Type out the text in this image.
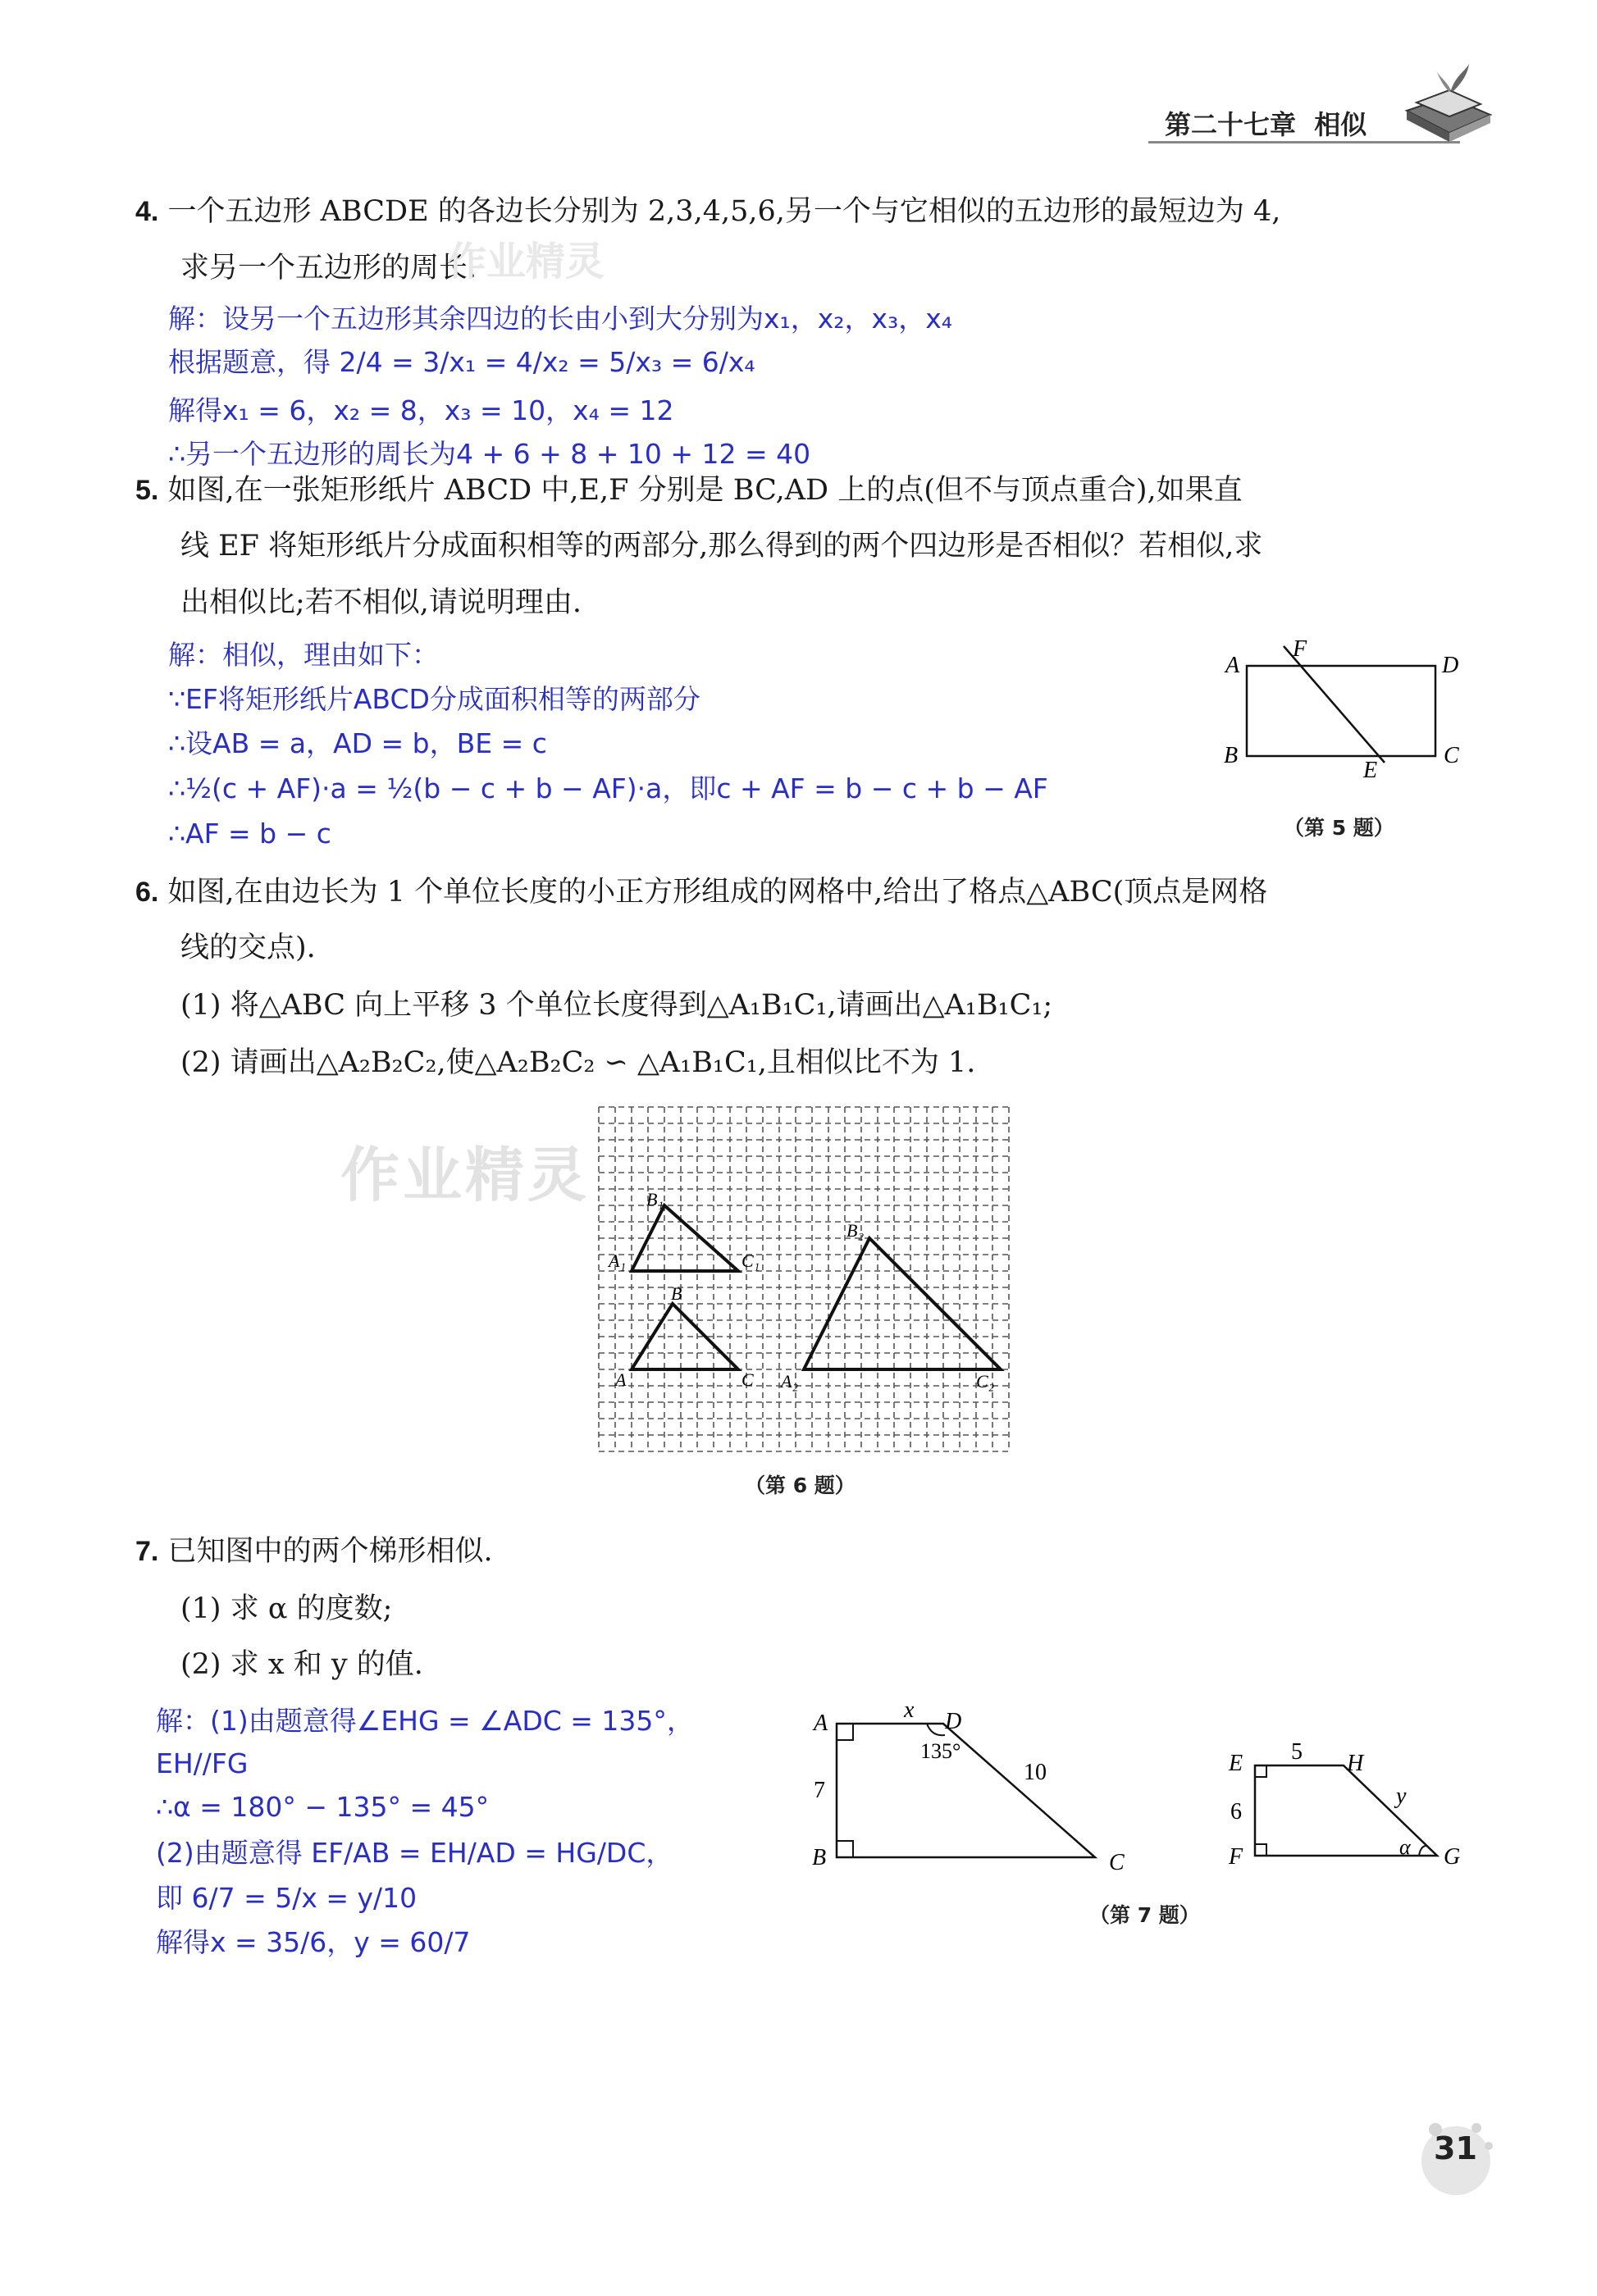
第二十七章 相似
4. 一个五边形 ABCDE 的各边长分别为 2,3,4,5,6,另一个与它相似的五边形的最短边为 4,
求另一个五边形的周长.
解：设另一个五边形其余四边的长由小到大分别为x₁，x₂，x₃，x₄
根据题意，得 2/4 = 3/x₁ = 4/x₂ = 5/x₃ = 6/x₄
解得x₁ = 6，x₂ = 8，x₃ = 10，x₄ = 12
∴另一个五边形的周长为4 + 6 + 8 + 10 + 12 = 40
5. 如图,在一张矩形纸片 ABCD 中,E,F 分别是 BC,AD 上的点(但不与顶点重合),如果直
线 EF 将矩形纸片分成面积相等的两部分,那么得到的两个四边形是否相似？若相似,求
出相似比;若不相似,请说明理由.
解：相似，理由如下：
∵EF将矩形纸片ABCD分成面积相等的两部分
∴设AB = a，AD = b，BE = c
∴½(c + AF)·a = ½(b − c + b − AF)·a，即c + AF = b − c + b − AF
∴AF = b − c
A
F
D
B
E
C
（第 5 题）
6. 如图,在由边长为 1 个单位长度的小正方形组成的网格中,给出了格点△ABC(顶点是网格
线的交点).
(1) 将△ABC 向上平移 3 个单位长度得到△A₁B₁C₁,请画出△A₁B₁C₁;
(2) 请画出△A₂B₂C₂,使△A₂B₂C₂ ∽ △A₁B₁C₁,且相似比不为 1.
A
B
C
A₁
B₁
C₁
A₂
B₂
C₂
（第 6 题）
作业精灵
作业精灵
7. 已知图中的两个梯形相似.
(1) 求 α 的度数;
(2) 求 x 和 y 的值.
解：(1)由题意得∠EHG = ∠ADC = 135°，
EH//FG
∴α = 180° − 135° = 45°
(2)由题意得 EF/AB = EH/AD = HG/DC，
即 6/7 = 5/x = y/10
解得x = 35/6，y = 60/7
A
x D
135°
10
7
B	C
E 5 H
y
6
F	α G
（第 7 题）
31
